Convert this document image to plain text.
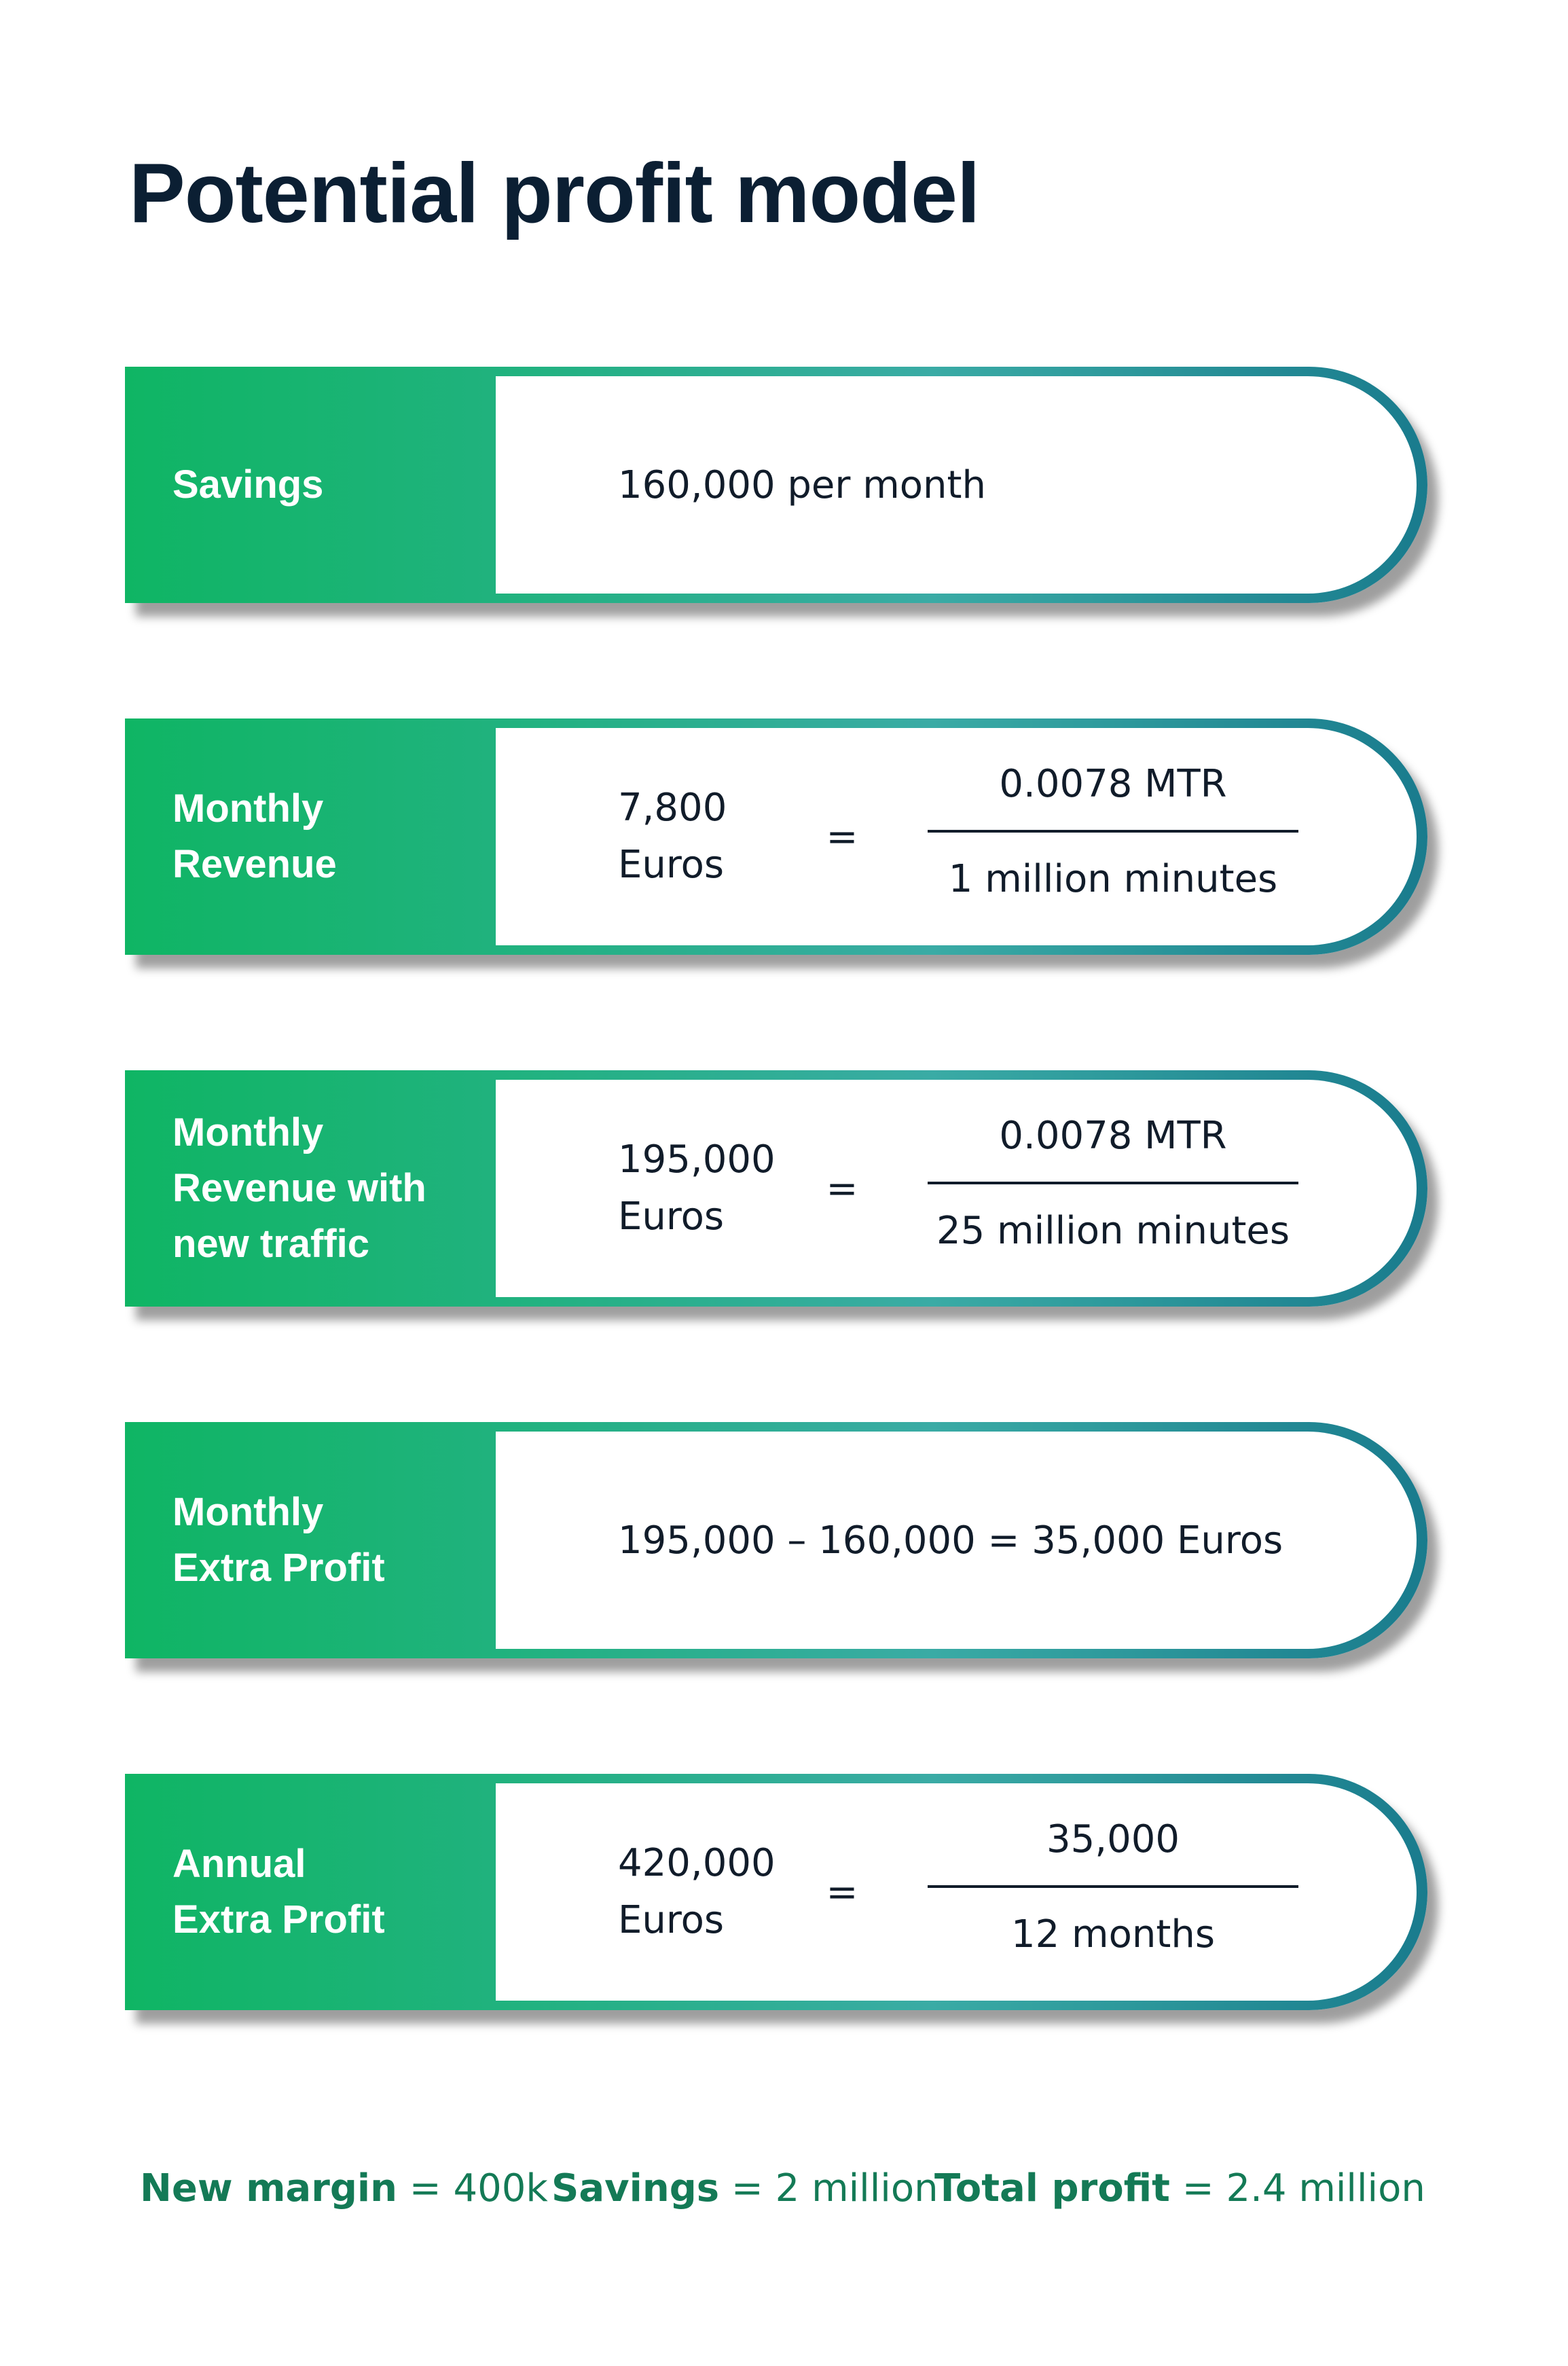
Potential profit model
Savings	160,000 per month
Monthly
Revenue
7,800
Euros
=
0.0078 MTR
1 million minutes
Monthly
Revenue with
new traffic
195,000
Euros
=
0.0078 MTR
25 million minutes
Monthly
Extra Profit
195,000 – 160,000 = 35,000 Euros
Annual
Extra Profit
420,000
Euros
=
35,000
12 months
New margin = 400k Savings = 2 million
Total profit = 2.4 million
